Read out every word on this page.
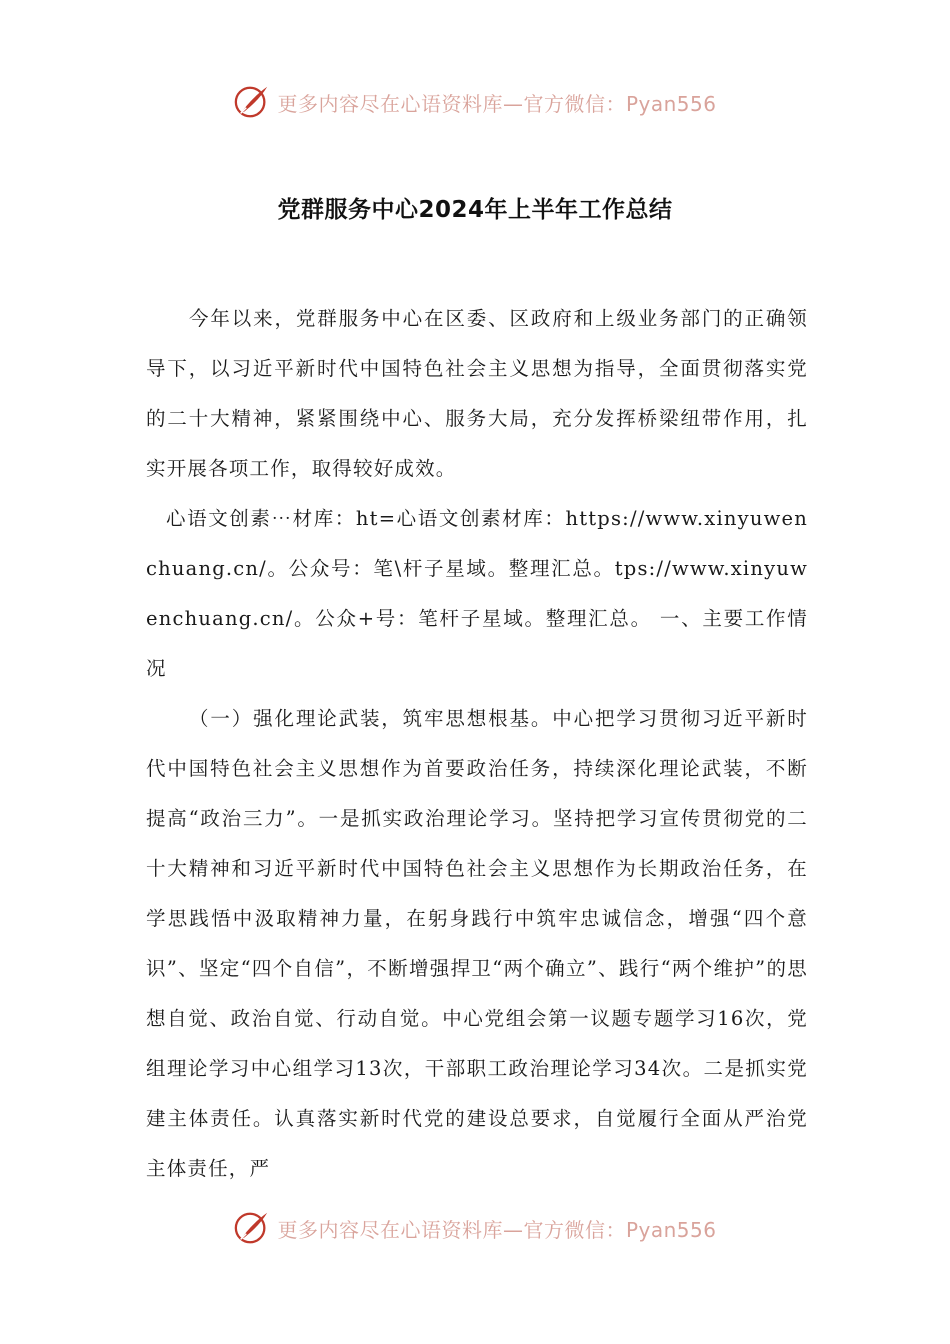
更多内容尽在心语资料库—官方微信：Pyan556
党群服务中心2024年上半年工作总结

今年以来，党群服务中心在区委、区政府和上级业务部门的正确领导下，以习近平新时代中国特色社会主义思想为指导，全面贯彻落实党的二十大精神，紧紧围绕中心、服务大局，充分发挥桥梁纽带作用，扎实开展各项工作，取得较好成效。

心语文创素⋯材库：ht=心语文创素材库：https://www.xinyuwenchuang.cn/。公众号：笔\杆子星域。整理汇总。tps://www.xinyuwenchuang.cn/。公众+号：笔杆子星域。整理汇总。 一、主要工作情况

（一）强化理论武装，筑牢思想根基。中心把学习贯彻习近平新时代中国特色社会主义思想作为首要政治任务，持续深化理论武装，不断提高“政治三力”。一是抓实政治理论学习。坚持把学习宣传贯彻党的二十大精神和习近平新时代中国特色社会主义思想作为长期政治任务，在学思践悟中汲取精神力量，在躬身践行中筑牢忠诚信念，增强“四个意识”、坚定“四个自信”，不断增强捍卫“两个确立”、践行“两个维护”的思想自觉、政治自觉、行动自觉。中心党组会第一议题专题学习16次，党组理论学习中心组学习13次，干部职工政治理论学习34次。二是抓实党建主体责任。认真落实新时代党的建设总要求，自觉履行全面从严治党主体责任，严

更多内容尽在心语资料库—官方微信：Pyan556
